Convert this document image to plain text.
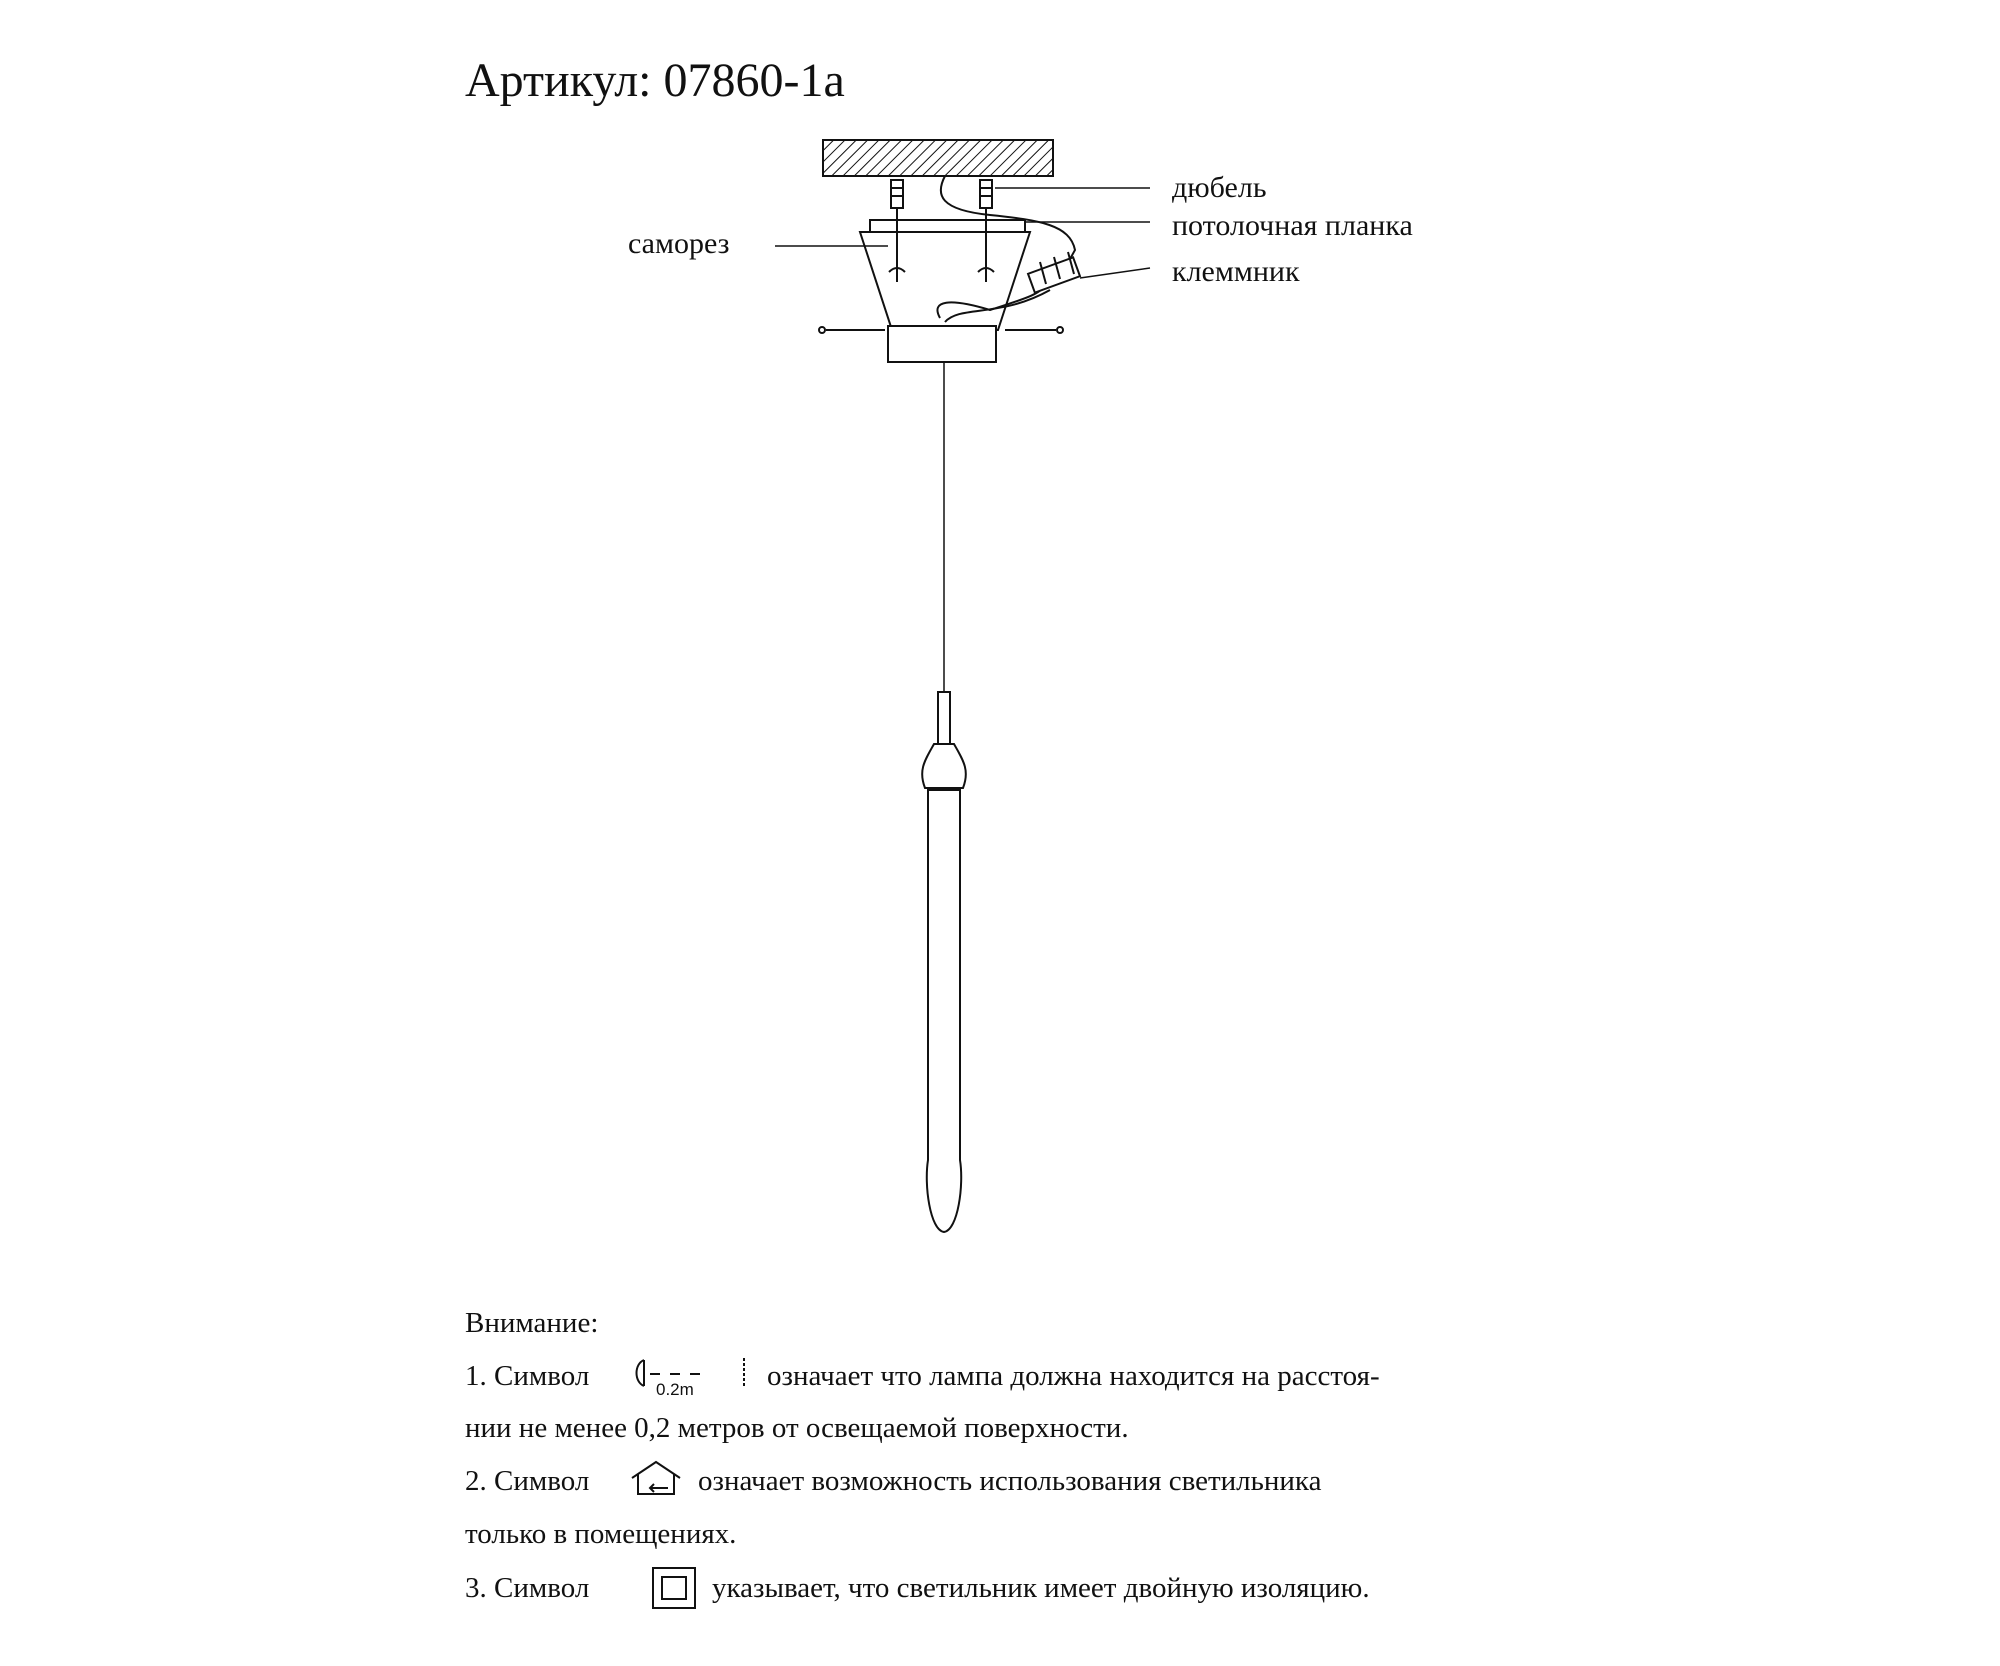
Артикул: 07860-1а
дюбель
потолочная планка
клеммник
саморез
Внимание:
1. Символ	0.2m	означает что лампа должна находится на расстоя-
нии не менее 0,2 метров от освещаемой поверхности.
2. Символ	означает возможность использования светильника
только в помещениях.
3. Символ	указывает, что светильник имеет двойную изоляцию.
